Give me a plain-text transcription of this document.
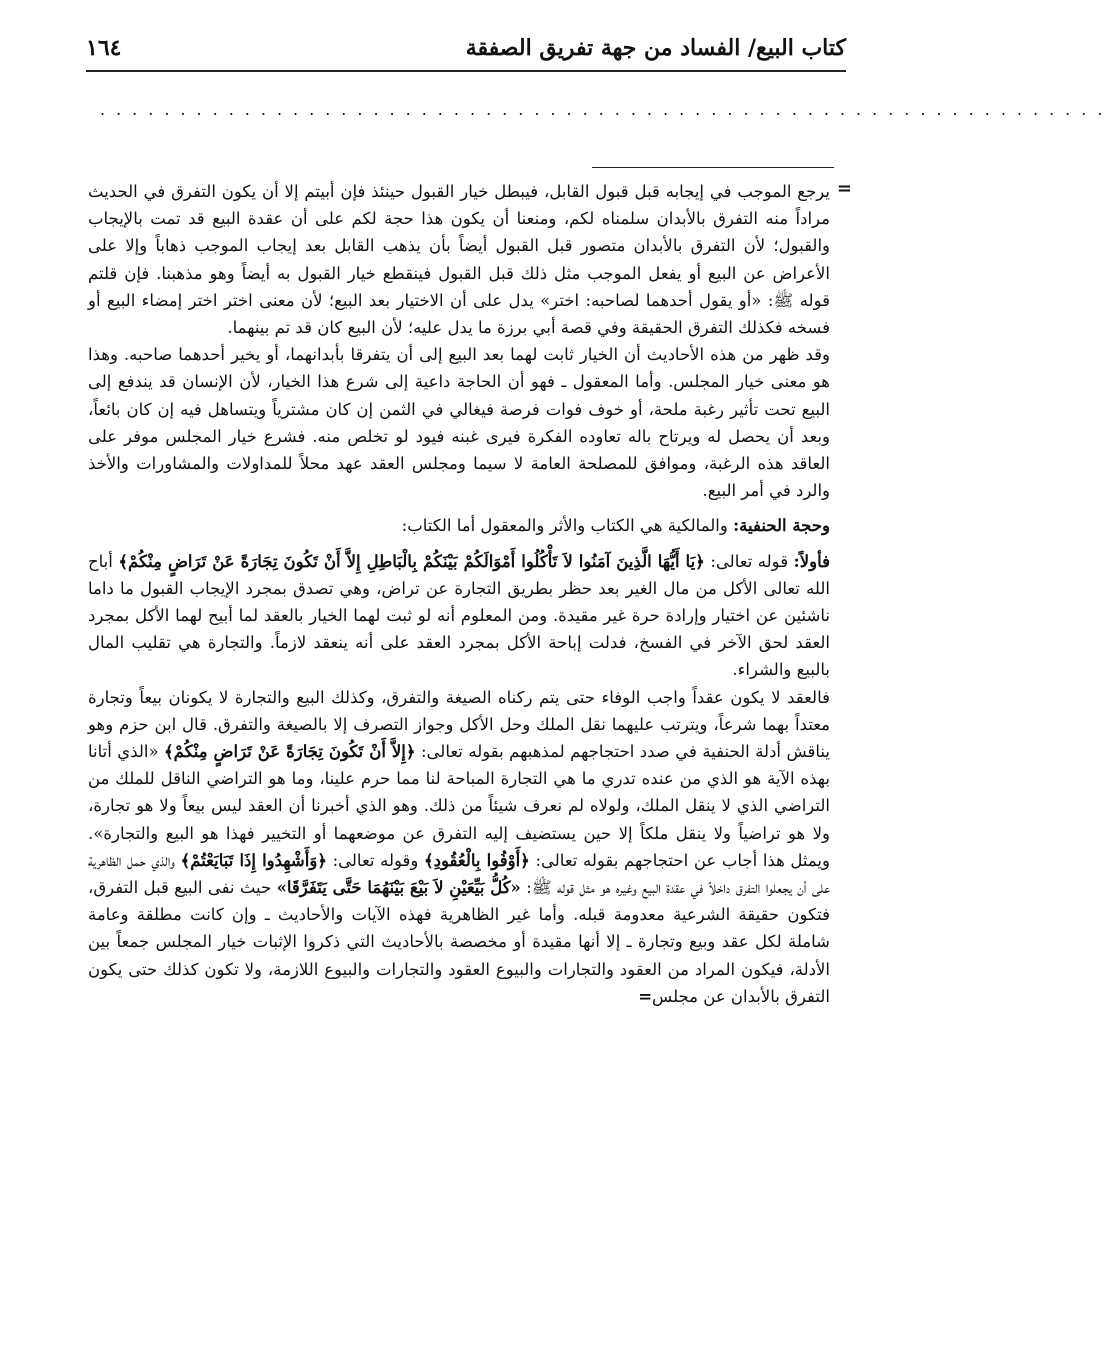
كتاب البيع/ الفساد من جهة تفريق الصفقة
١٦٤
...............................................................
=

يرجع الموجب في إيجابه قبل قبول القابل، فيبطل خيار القبول حينئذ فإن أبيتم إلا أن يكون التفرق في الحديث مراداً منه التفرق بالأبدان سلمناه لكم، ومنعنا أن يكون هذا حجة لكم على أن عقدة البيع قد تمت بالإيجاب والقبول؛ لأن التفرق بالأبدان متصور قبل القبول أيضاً بأن يذهب القابل بعد إيجاب الموجب ذهاباً وإلا على الأعراض عن البيع أو يفعل الموجب مثل ذلك قبل القبول فينقطع خيار القبول به أيضاً وهو مذهبنا. فإن قلتم قوله ﷺ: «أو يقول أحدهما لصاحبه: اختر» يدل على أن الاختيار بعد البيع؛ لأن معنى اختر اختر إمضاء البيع أو فسخه فكذلك التفرق الحقيقة وفي قصة أبي برزة ما يدل عليه؛ لأن البيع كان قد تم بينهما.

وقد ظهر من هذه الأحاديث أن الخيار ثابت لهما بعد البيع إلى أن يتفرقا بأبدانهما، أو يخير أحدهما صاحبه. وهذا هو معنى خيار المجلس. وأما المعقول ـ فهو أن الحاجة داعية إلى شرع هذا الخيار، لأن الإنسان قد يندفع إلى البيع تحت تأثير رغبة ملحة، أو خوف فوات فرصة فيغالي في الثمن إن كان مشترياً ويتساهل فيه إن كان بائعاً، وبعد أن يحصل له ويرتاح باله تعاوده الفكرة فيرى غبنه فيود لو تخلص منه. فشرع خيار المجلس موفر على العاقد هذه الرغبة، وموافق للمصلحة العامة لا سيما ومجلس العقد عهد محلاً للمداولات والمشاورات والأخذ والرد في أمر البيع.

وحجة الحنفية: والمالكية هي الكتاب والأثر والمعقول أما الكتاب:

فأولاً: قوله تعالى: ﴿يَا أَيُّهَا الَّذِينَ آمَنُوا لاَ تَأْكُلُوا أَمْوَالَكُمْ بَيْنَكُمْ بِالْبَاطِلِ إِلاَّ أَنْ تَكُونَ تِجَارَةً عَنْ تَرَاضٍ مِنْكُمْ﴾ أباح الله تعالى الأكل من مال الغير بعد حظر بطريق التجارة عن تراض، وهي تصدق بمجرد الإيجاب القبول ما داما ناشئين عن اختيار وإرادة حرة غير مقيدة. ومن المعلوم أنه لو ثبت لهما الخيار بالعقد لما أبيح لهما الأكل بمجرد العقد لحق الآخر في الفسخ، فدلت إباحة الأكل بمجرد العقد على أنه ينعقد لازماً. والتجارة هي تقليب المال بالبيع والشراء.

فالعقد لا يكون عقداً واجب الوفاء حتى يتم ركناه الصيغة والتفرق، وكذلك البيع والتجارة لا يكونان بيعاً وتجارة معتداً بهما شرعاً، ويترتب عليهما نقل الملك وحل الأكل وجواز التصرف إلا بالصيغة والتفرق. قال ابن حزم وهو يناقش أدلة الحنفية في صدد احتجاجهم لمذهبهم بقوله تعالى: ﴿إِلاَّ أَنْ تَكُونَ تِجَارَةً عَنْ تَرَاضٍ مِنْكُمْ﴾ «الذي أتانا بهذه الآية هو الذي من عنده تدري ما هي التجارة المباحة لنا مما حرم علينا، وما هو التراضي الناقل للملك من التراضي الذي لا ينقل الملك، ولولاه لم نعرف شيئاً من ذلك. وهو الذي أخبرنا أن العقد ليس بيعاً ولا هو تجارة، ولا هو تراضياً ولا ينقل ملكاً إلا حين يستضيف إليه التفرق عن موضعهما أو التخيير فهذا هو البيع والتجارة». ويمثل هذا أجاب عن احتجاجهم بقوله تعالى: ﴿أَوْفُوا بِالْعُقُودِ﴾ وقوله تعالى: ﴿وَأَشْهِدُوا إِذَا تَبَايَعْتُمْ﴾ والذي حمل الظاهرية على أن يجعلوا التفرق داخلاً في عقدة البيع وغيره هو مثل قوله ﷺ: «كُلُّ بَيِّعَيْنِ لاَ بَيْعَ بَيْنَهُمَا حَتَّى يَتَفَرَّقَا» حيث نفى البيع قبل التفرق، فتكون حقيقة الشرعية معدومة قبله. وأما غير الظاهرية فهذه الآيات والأحاديث ـ وإن كانت مطلقة وعامة شاملة لكل عقد وبيع وتجارة ـ إلا أنها مقيدة أو مخصصة بالأحاديث التي ذكروا الإثبات خيار المجلس جمعاً بين الأدلة، فيكون المراد من العقود والتجارات والبيوع العقود والتجارات والبيوع اللازمة، ولا تكون كذلك حتى يكون التفرق بالأبدان عن مجلس=
